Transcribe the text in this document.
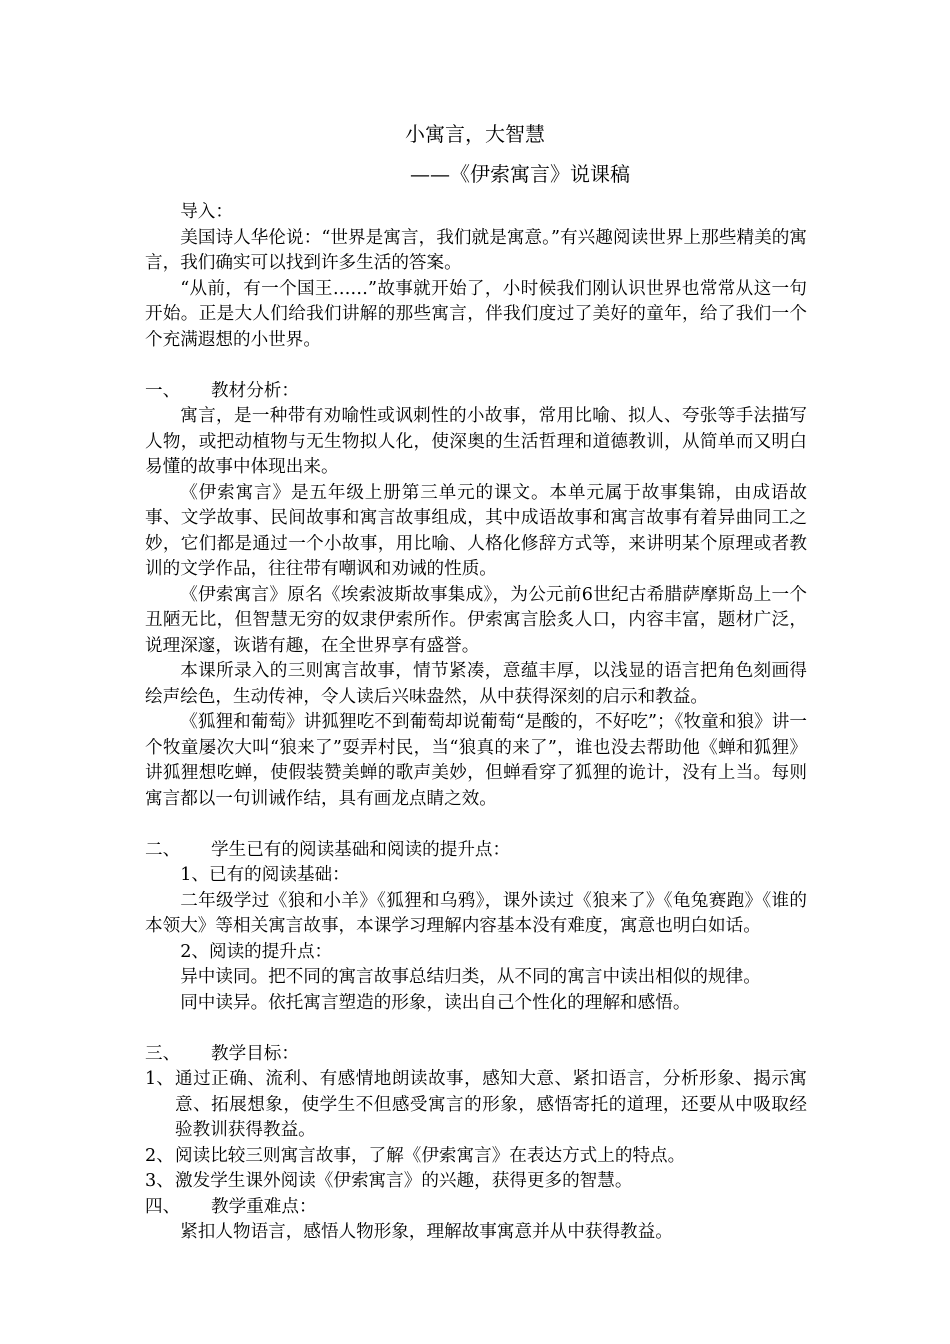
小寓言，大智慧
——《伊索寓言》说课稿

导入：

美国诗人华伦说：“世界是寓言，我们就是寓意。”有兴趣阅读世界上那些精美的寓言，我们确实可以找到许多生活的答案。

“从前，有一个国王……”故事就开始了，小时候我们刚认识世界也常常从这一句开始。正是大人们给我们讲解的那些寓言，伴我们度过了美好的童年，给了我们一个个充满遐想的小世界。

一、 教材分析：

寓言，是一种带有劝喻性或讽刺性的小故事，常用比喻、拟人、夸张等手法描写人物，或把动植物与无生物拟人化，使深奥的生活哲理和道德教训，从简单而又明白易懂的故事中体现出来。

《伊索寓言》是五年级上册第三单元的课文。本单元属于故事集锦，由成语故事、文学故事、民间故事和寓言故事组成，其中成语故事和寓言故事有着异曲同工之妙，它们都是通过一个小故事，用比喻、人格化修辞方式等，来讲明某个原理或者教训的文学作品，往往带有嘲讽和劝诫的性质。

《伊索寓言》原名《埃索波斯故事集成》，为公元前6世纪古希腊萨摩斯岛上一个丑陋无比，但智慧无穷的奴隶伊索所作。伊索寓言脍炙人口，内容丰富，题材广泛，说理深邃，诙谐有趣，在全世界享有盛誉。

本课所录入的三则寓言故事，情节紧凑，意蕴丰厚，以浅显的语言把角色刻画得绘声绘色，生动传神，令人读后兴味盎然，从中获得深刻的启示和教益。

《狐狸和葡萄》讲狐狸吃不到葡萄却说葡萄“是酸的，不好吃”；《牧童和狼》讲一个牧童屡次大叫“狼来了”耍弄村民，当“狼真的来了”，谁也没去帮助他《蝉和狐狸》讲狐狸想吃蝉，使假装赞美蝉的歌声美妙，但蝉看穿了狐狸的诡计，没有上当。每则寓言都以一句训诫作结，具有画龙点睛之效。

二、 学生已有的阅读基础和阅读的提升点：

1、已有的阅读基础：

二年级学过《狼和小羊》《狐狸和乌鸦》，课外读过《狼来了》《龟兔赛跑》《谁的本领大》等相关寓言故事，本课学习理解内容基本没有难度，寓意也明白如话。

2、阅读的提升点：

异中读同。把不同的寓言故事总结归类，从不同的寓言中读出相似的规律。

同中读异。依托寓言塑造的形象，读出自己个性化的理解和感悟。

三、 教学目标：

1、 通过正确、流利、有感情地朗读故事，感知大意、紧扣语言，分析形象、揭示寓意、拓展想象，使学生不但感受寓言的形象，感悟寄托的道理，还要从中吸取经验教训获得教益。
2、 阅读比较三则寓言故事，了解《伊索寓言》在表达方式上的特点。
3、 激发学生课外阅读《伊索寓言》的兴趣，获得更多的智慧。

四、 教学重难点：

紧扣人物语言，感悟人物形象，理解故事寓意并从中获得教益。
